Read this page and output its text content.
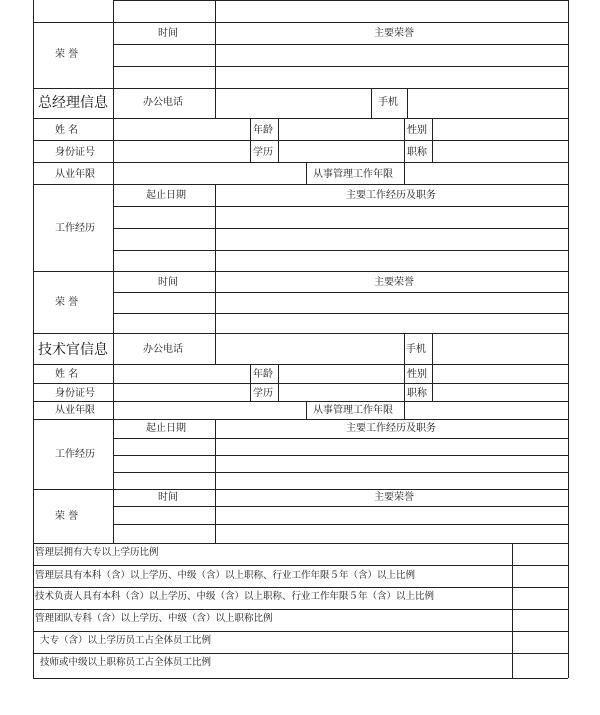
时间	主要荣誉
荣 誉
总经理信息	办公电话	手机
姓 名	年龄	性别
身份证号	学历	职称
从业年限	从事管理工作年限
起止日期	主要工作经历及职务
工作经历
时间	主要荣誉
荣 誉
技术官信息	办公电话	手机
姓 名	年龄	性别
身份证号	学历	职称
从业年限	从事管理工作年限
起止日期	主要工作经历及职务
工作经历
时间	主要荣誉
荣 誉
管理层拥有大专以上学历比例
管理层具有本科（含）以上学历、中级（含）以上职称、行业工作年限５年（含）以上比例
技术负责人具有本科（含）以上学历、中级（含）以上职称、行业工作年限５年（含）以上比例
管理团队专科（含）以上学历、中级（含）以上职称比例
大专（含）以上学历员工占全体员工比例
技师或中级以上职称员工占全体员工比例
